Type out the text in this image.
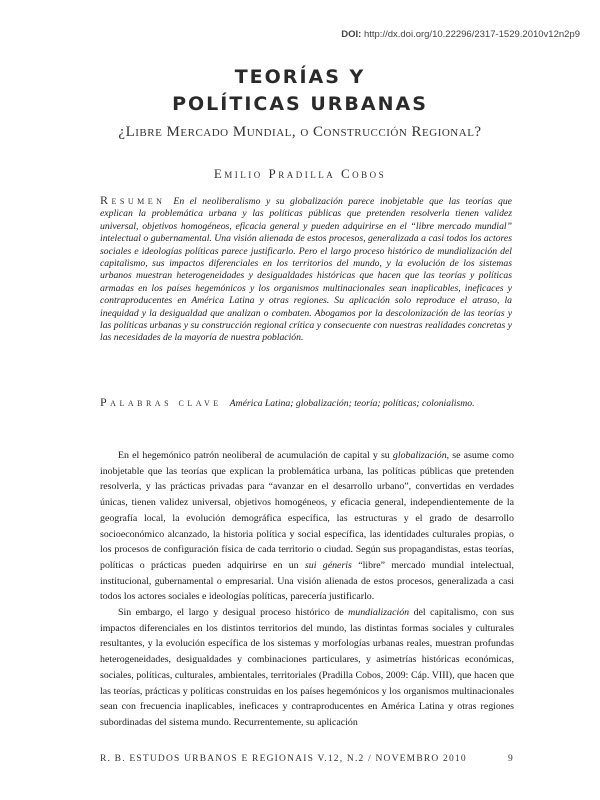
DOI: http://dx.doi.org/10.22296/2317-1529.2010v12n2p9
TEORÍAS Y
POLÍTICAS URBANAS
¿Libre Mercado Mundial, o Construcción Regional?
Emilio Pradilla Cobos

Resumen En el neoliberalismo y su globalización parece inobjetable que las teorías que explican la problemática urbana y las políticas públicas que pretenden resolverla tienen validez universal, objetivos homogéneos, eficacia general y pueden adquirirse en el “libre mercado mundial” intelectual o gubernamental. Una visión alienada de estos procesos, generalizada a casi todos los actores sociales e ideologías políticas parece justificarlo. Pero el largo proceso histórico de mundialización del capitalismo, sus impactos diferenciales en los territorios del mundo, y la evolución de los sistemas urbanos muestran heterogeneidades y desigualdades históricas que hacen que las teorías y políticas armadas en los países hegemónicos y los organismos multinacionales sean inaplicables, ineficaces y contraproducentes en América Latina y otras regiones. Su aplicación solo reproduce el atraso, la inequidad y la desigualdad que analizan o combaten. Abogamos por la descolonización de las teorías y las políticas urbanas y su construcción regional crítica y consecuente con nuestras realidades concretas y las necesidades de la mayoría de nuestra población.

Palabras clave América Latina; globalización; teoría; políticas; colonialismo.

En el hegemónico patrón neoliberal de acumulación de capital y su globalización, se asume como inobjetable que las teorías que explican la problemática urbana, las políticas públicas que pretenden resolverla, y las prácticas privadas para “avanzar en el desarrollo urbano”, convertidas en verdades únicas, tienen validez universal, objetivos homogéneos, y eficacia general, independientemente de la geografía local, la evolución demográfica específica, las estructuras y el grado de desarrollo socioeconómico alcanzado, la historia política y social específica, las identidades culturales propias, o los procesos de configuración física de cada territorio o ciudad. Según sus propagandistas, estas teorías, políticas o prácticas pueden adquirirse en un sui géneris “libre” mercado mundial intelectual, institucional, gubernamental o empresarial. Una visión alienada de estos procesos, generalizada a casi todos los actores sociales e ideologías políticas, parecería justificarlo.

Sin embargo, el largo y desigual proceso histórico de mundialización del capitalismo, con sus impactos diferenciales en los distintos territorios del mundo, las distintas formas sociales y culturales resultantes, y la evolución específica de los sistemas y morfologías urbanas reales, muestran profundas heterogeneidades, desigualdades y combinaciones particulares, y asimetrías históricas económicas, sociales, políticas, culturales, ambientales, territoriales (Pradilla Cobos, 2009: Cáp. VIII), que hacen que las teorías, prácticas y políticas construidas en los países hegemónicos y los organismos multinacionales sean con frecuencia inaplicables, ineficaces y contraproducentes en América Latina y otras regiones subordinadas del sistema mundo. Recurrentemente, su aplicación

R. B. ESTUDOS URBANOS E REGIONAIS V.12, N.2 / NOVEMBRO 2010	9
